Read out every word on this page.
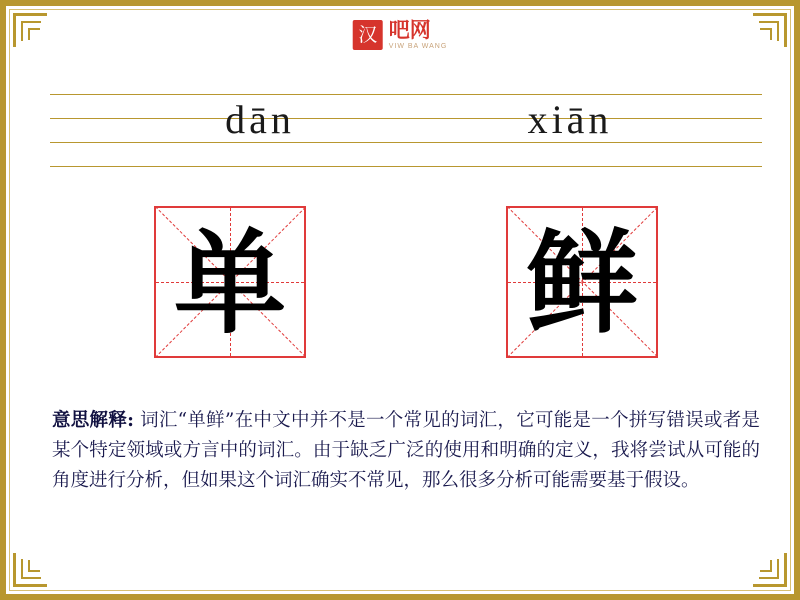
汉 吧网
VIW BA WANG
dān	xiān
单 鲜
意思解释: 词汇“单鲜”在中文中并不是一个常见的词汇，它可能是一个拼写错误或者是某个特定领域或方言中的词汇。由于缺乏广泛的使用和明确的定义，我将尝试从可能的角度进行分析，但如果这个词汇确实不常见，那么很多分析可能需要基于假设。
